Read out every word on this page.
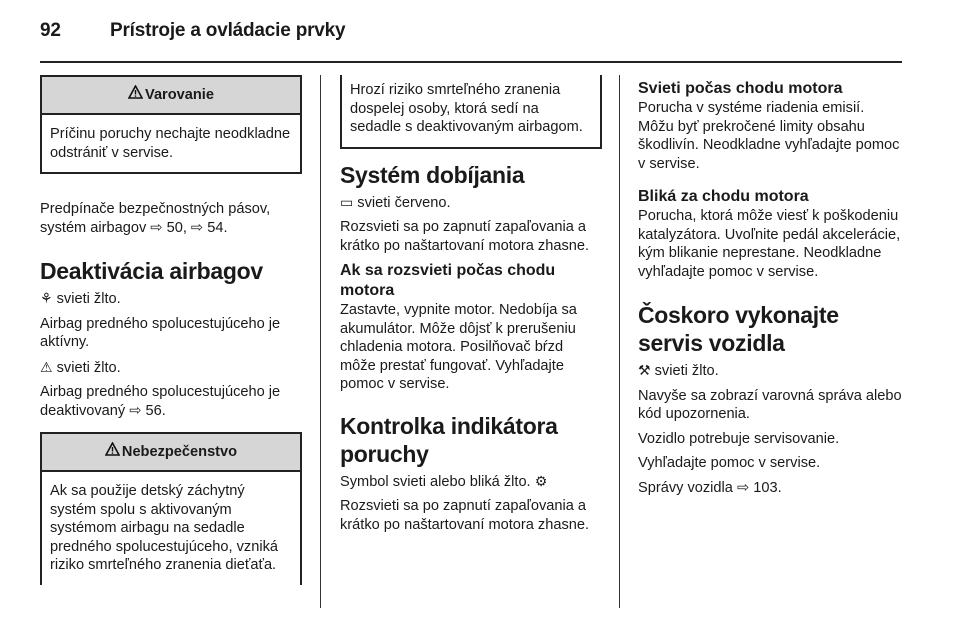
92	Prístroje a ovládacie prvky
Varovanie
Príčinu poruchy nechajte neodkladne odstrániť v servise.

Predpínače bezpečnostných pásov, systém airbagov ⇨ 50, ⇨ 54.

Deaktivácia airbagov

⚘ svieti žlto.

Airbag predného spolucestujúceho je aktívny.

⚠ svieti žlto.

Airbag predného spolucestujúceho je deaktivovaný ⇨ 56.

Nebezpečenstvo
Ak sa použije detský záchytný systém spolu s aktivovaným systémom airbagu na sedadle predného spolucestujúceho, vzniká riziko smrteľného zranenia dieťaťa.
Hrozí riziko smrteľného zranenia dospelej osoby, ktorá sedí na sedadle s deaktivovaným airbagom.
Systém dobíjania

▭ svieti červeno.

Rozsvieti sa po zapnutí zapaľovania a krátko po naštartovaní motora zhasne.

Ak sa rozsvieti počas chodu motora

Zastavte, vypnite motor. Nedobíja sa akumulátor. Môže dôjsť k prerušeniu chladenia motora. Posilňovač bŕzd môže prestať fungovať. Vyhľadajte pomoc v servise.

Kontrolka indikátora poruchy

Symbol svieti alebo bliká žlto. ⚙

Rozsvieti sa po zapnutí zapaľovania a krátko po naštartovaní motora zhasne.

Svieti počas chodu motora

Porucha v systéme riadenia emisií. Môžu byť prekročené limity obsahu škodlivín. Neodkladne vyhľadajte pomoc v servise.

Bliká za chodu motora

Porucha, ktorá môže viesť k poškodeniu katalyzátora. Uvoľnite pedál akcelerácie, kým blikanie neprestane. Neodkladne vyhľadajte pomoc v servise.

Čoskoro vykonajte servis vozidla

⚒ svieti žlto.

Navyše sa zobrazí varovná správa alebo kód upozornenia.

Vozidlo potrebuje servisovanie.

Vyhľadajte pomoc v servise.

Správy vozidla ⇨ 103.
